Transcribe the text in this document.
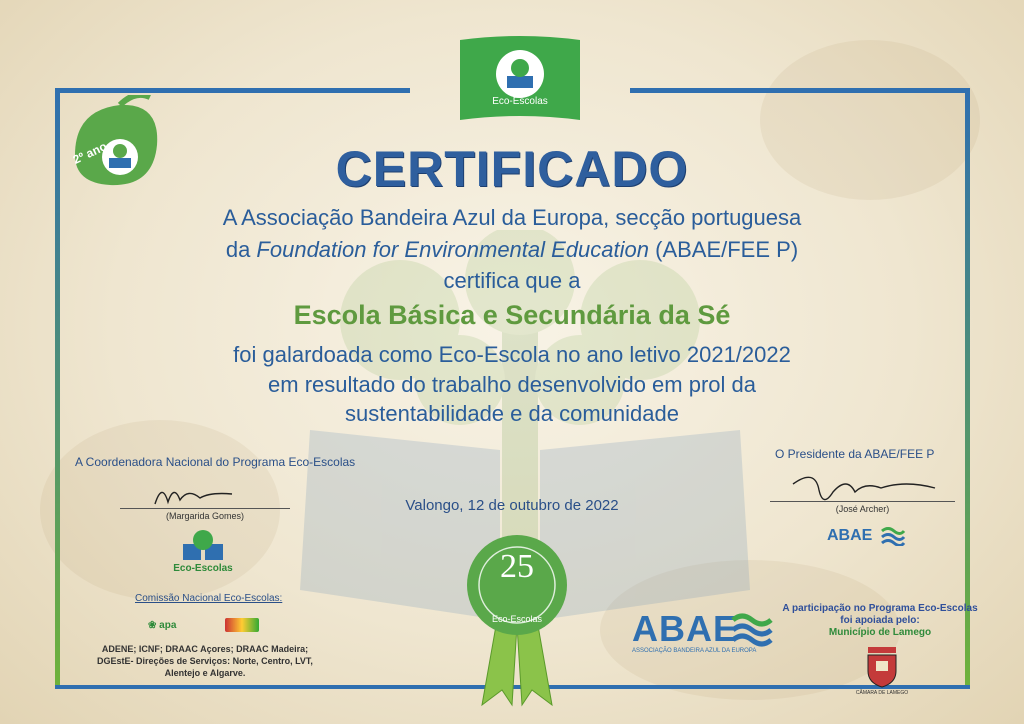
2º ano
Eco-Escolas
CERTIFICADO
A Associação Bandeira Azul da Europa, secção portuguesa
da Foundation for Environmental Education (ABAE/FEE P)
certifica que a
Escola Básica e Secundária da Sé
foi galardoada como Eco-Escola no ano letivo 2021/2022
em resultado do trabalho desenvolvido em prol da
sustentabilidade e da comunidade
Valongo, 12 de outubro de 2022
A Coordenadora Nacional do Programa Eco-Escolas
(Margarida Gomes)
Eco-Escolas
Comissão Nacional Eco-Escolas:
❀ apa
ADENE; ICNF; DRAAC Açores; DRAAC Madeira;
DGEstE- Direções de Serviços: Norte, Centro, LVT,
Alentejo e Algarve.
O Presidente da ABAE/FEE P
(José Archer)
ABAE
25
Eco-Escolas ABAE
ASSOCIAÇÃO BANDEIRA AZUL DA EUROPA
A participação no Programa Eco-Escolas
foi apoiada pelo:
Município de Lamego
CÂMARA DE LAMEGO
